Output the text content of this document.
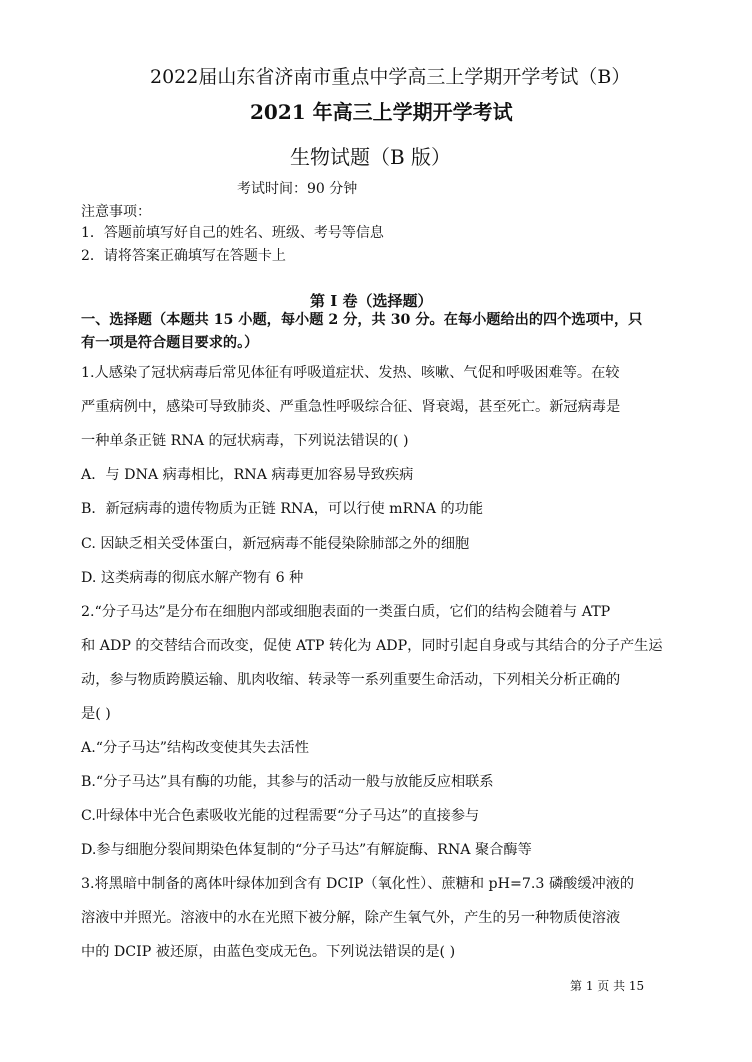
2022届山东省济南市重点中学高三上学期开学考试（B）
2021 年高三上学期开学考试
生物试题（B 版）
考试时间：90 分钟
注意事项：
1．答题前填写好自己的姓名、班级、考号等信息
2．请将答案正确填写在答题卡上
第 I 卷（选择题）
一、选择题（本题共 15 小题，每小题 2 分，共 30 分。在每小题给出的四个选项中，只
有一项是符合题目要求的。）
1.人感染了冠状病毒后常见体征有呼吸道症状、发热、咳嗽、气促和呼吸困难等。在较
严重病例中，感染可导致肺炎、严重急性呼吸综合征、肾衰竭，甚至死亡。新冠病毒是
一种单条正链 RNA 的冠状病毒，下列说法错误的( )
A．与 DNA 病毒相比，RNA 病毒更加容易导致疾病
B．新冠病毒的遗传物质为正链 RNA，可以行使 mRNA 的功能
C. 因缺乏相关受体蛋白，新冠病毒不能侵染除肺部之外的细胞
D. 这类病毒的彻底水解产物有 6 种
2.“分子马达”是分布在细胞内部或细胞表面的一类蛋白质，它们的结构会随着与 ATP
和 ADP 的交替结合而改变，促使 ATP 转化为 ADP，同时引起自身或与其结合的分子产生运
动，参与物质跨膜运输、肌肉收缩、转录等一系列重要生命活动，下列相关分析正确的
是( )
A.“分子马达”结构改变使其失去活性
B.“分子马达”具有酶的功能，其参与的活动一般与放能反应相联系
C.叶绿体中光合色素吸收光能的过程需要“分子马达”的直接参与
D.参与细胞分裂间期染色体复制的“分子马达”有解旋酶、RNA 聚合酶等
3.将黑暗中制备的离体叶绿体加到含有 DCIP（氧化性）、蔗糖和 pH=7.3 磷酸缓冲液的
溶液中并照光。溶液中的水在光照下被分解，除产生氧气外，产生的另一种物质使溶液
中的 DCIP 被还原，由蓝色变成无色。下列说法错误的是( )
第 1 页 共 15
